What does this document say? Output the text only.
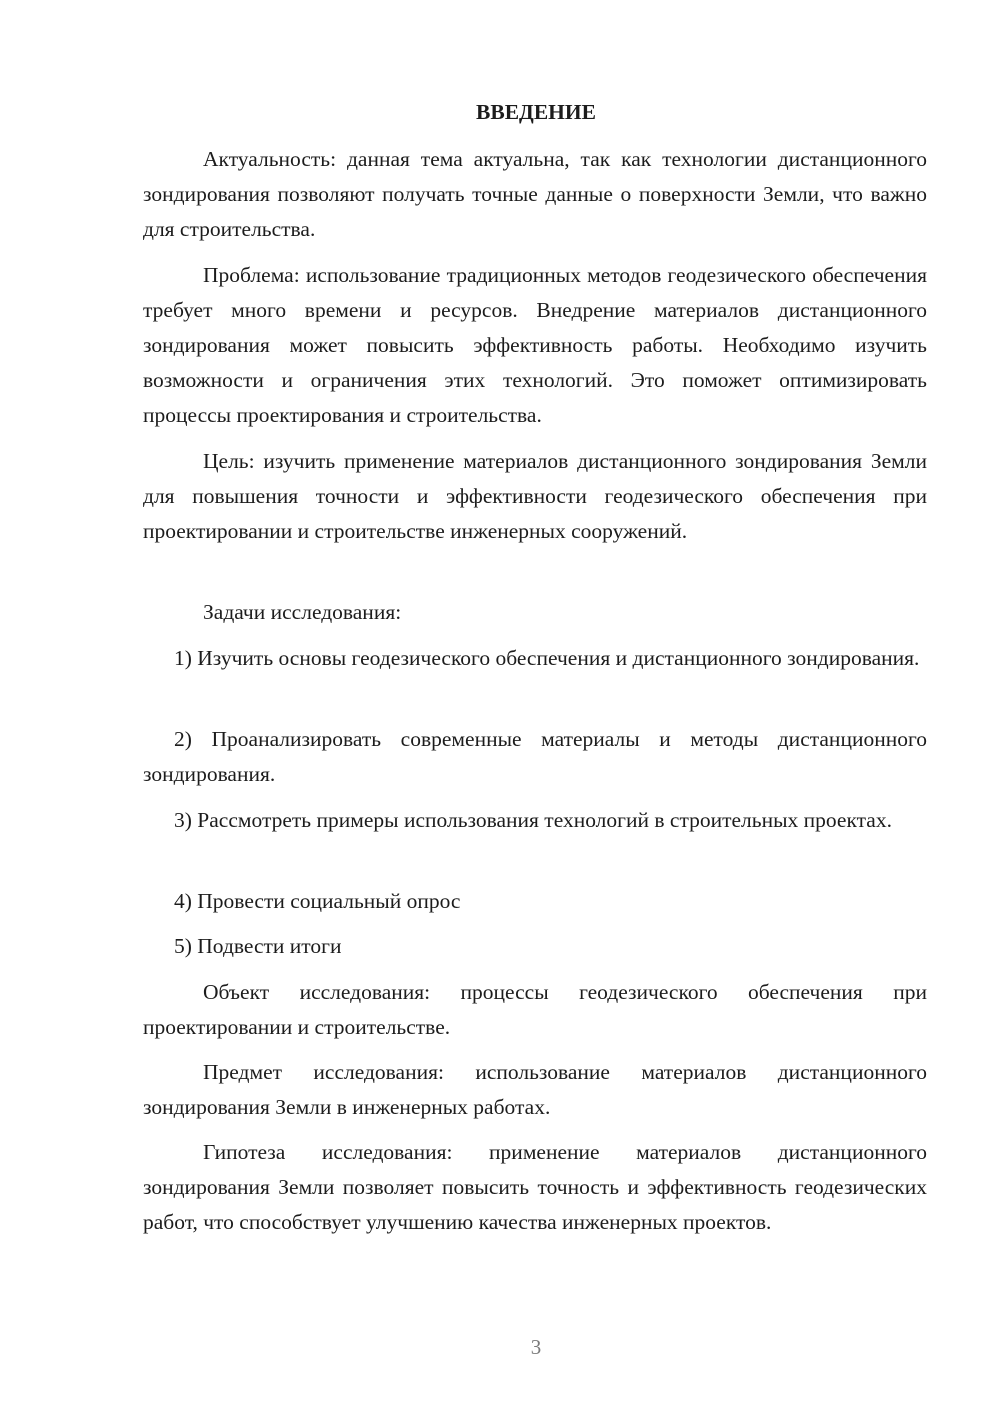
ВВЕДЕНИЕ

Актуальность: данная тема актуальна, так как технологии дистанционного зондирования позволяют получать точные данные о поверхности Земли, что важно для строительства.

Проблема: использование традиционных методов геодезического обеспечения требует много времени и ресурсов. Внедрение материалов дистанционного зондирования может повысить эффективность работы. Необходимо изучить возможности и ограничения этих технологий. Это поможет оптимизировать процессы проектирования и строительства.

Цель: изучить применение материалов дистанционного зондирования Земли для повышения точности и эффективности геодезического обеспечения при проектировании и строительстве инженерных сооружений.

Задачи исследования:

1) Изучить основы геодезического обеспечения и дистанционного зондирования.

2) Проанализировать современные материалы и методы дистанционного зондирования.

3) Рассмотреть примеры использования технологий в строительных проектах.

4) Провести социальный опрос

5) Подвести итоги

Объект исследования: процессы геодезического обеспечения при проектировании и строительстве.

Предмет исследования: использование материалов дистанционного зондирования Земли в инженерных работах.

Гипотеза исследования: применение материалов дистанционного зондирования Земли позволяет повысить точность и эффективность геодезических работ, что способствует улучшению качества инженерных проектов.

3
